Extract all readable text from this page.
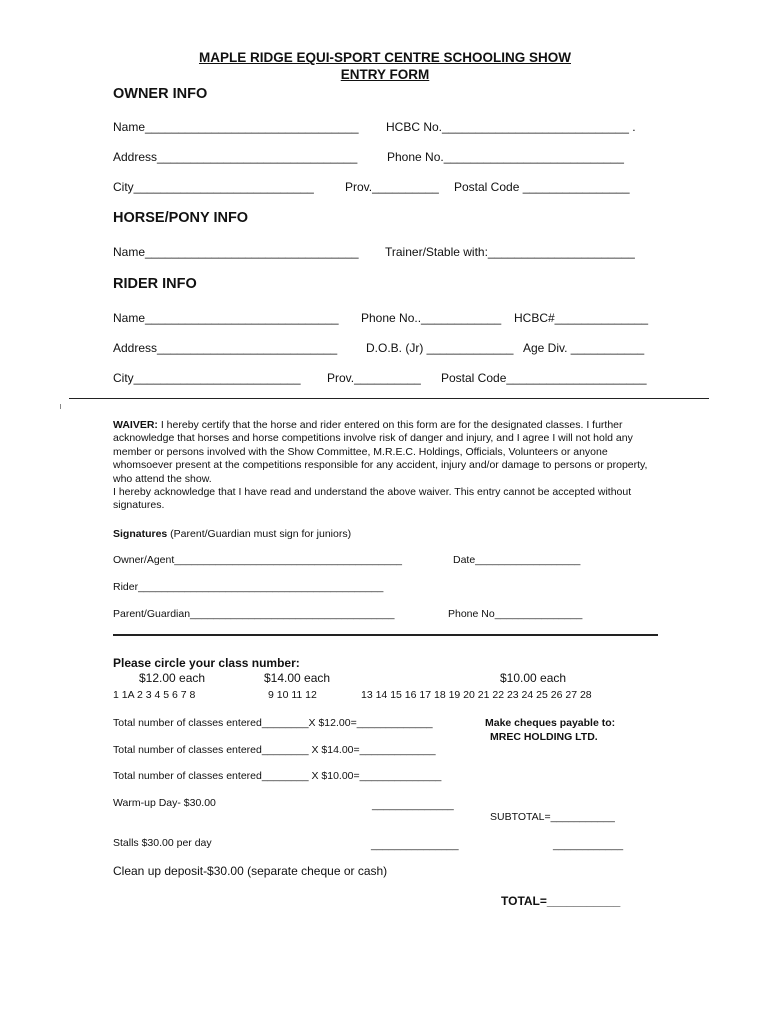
MAPLE RIDGE EQUI-SPORT CENTRE SCHOOLING SHOW
ENTRY FORM
OWNER INFO
Name________________________________ HCBC No.____________________________ .
Address______________________________ Phone No.___________________________
City___________________________	Prov.__________ Postal Code ________________
HORSE/PONY INFO
Name________________________________ Trainer/Stable with:______________________
RIDER INFO
Name_____________________________ Phone No..____________ HCBC#______________
Address___________________________ D.O.B. (Jr) _____________ Age Div. ___________
City_________________________ Prov.__________ Postal Code_____________________
WAIVER: I hereby certify that the horse and rider entered on this form are for the designated classes. I further acknowledge that horses and horse competitions involve risk of danger and injury, and I agree I will not hold any member or persons involved with the Show Committee, M.R.E.C. Holdings, Officials, Volunteers or anyone whomsoever present at the competitions responsible for any accident, injury and/or damage to persons or property, who attend the show.
I hereby acknowledge that I have read and understand the above waiver. This entry cannot be accepted without signatures.
Signatures (Parent/Guardian must sign for juniors)
Owner/Agent_______________________________________	Date__________________
Rider__________________________________________
Parent/Guardian___________________________________	Phone No_______________
Please circle your class number:
$12.00 each	$14.00 each	$10.00 each
1 1A 2 3 4 5 6 7 8	9 10 11 12	13 14 15 16 17 18 19 20 21 22 23 24 25 26 27 28
Total number of classes entered________X $12.00=_____________	Make cheques payable to:
MREC HOLDING LTD.
Total number of classes entered________ X $14.00=_____________
Total number of classes entered________ X $10.00=______________
Warm-up Day- $30.00	______________
SUBTOTAL=___________
Stalls $30.00 per day	_______________	____________
Clean up deposit-$30.00 (separate cheque or cash)
TOTAL=___________
